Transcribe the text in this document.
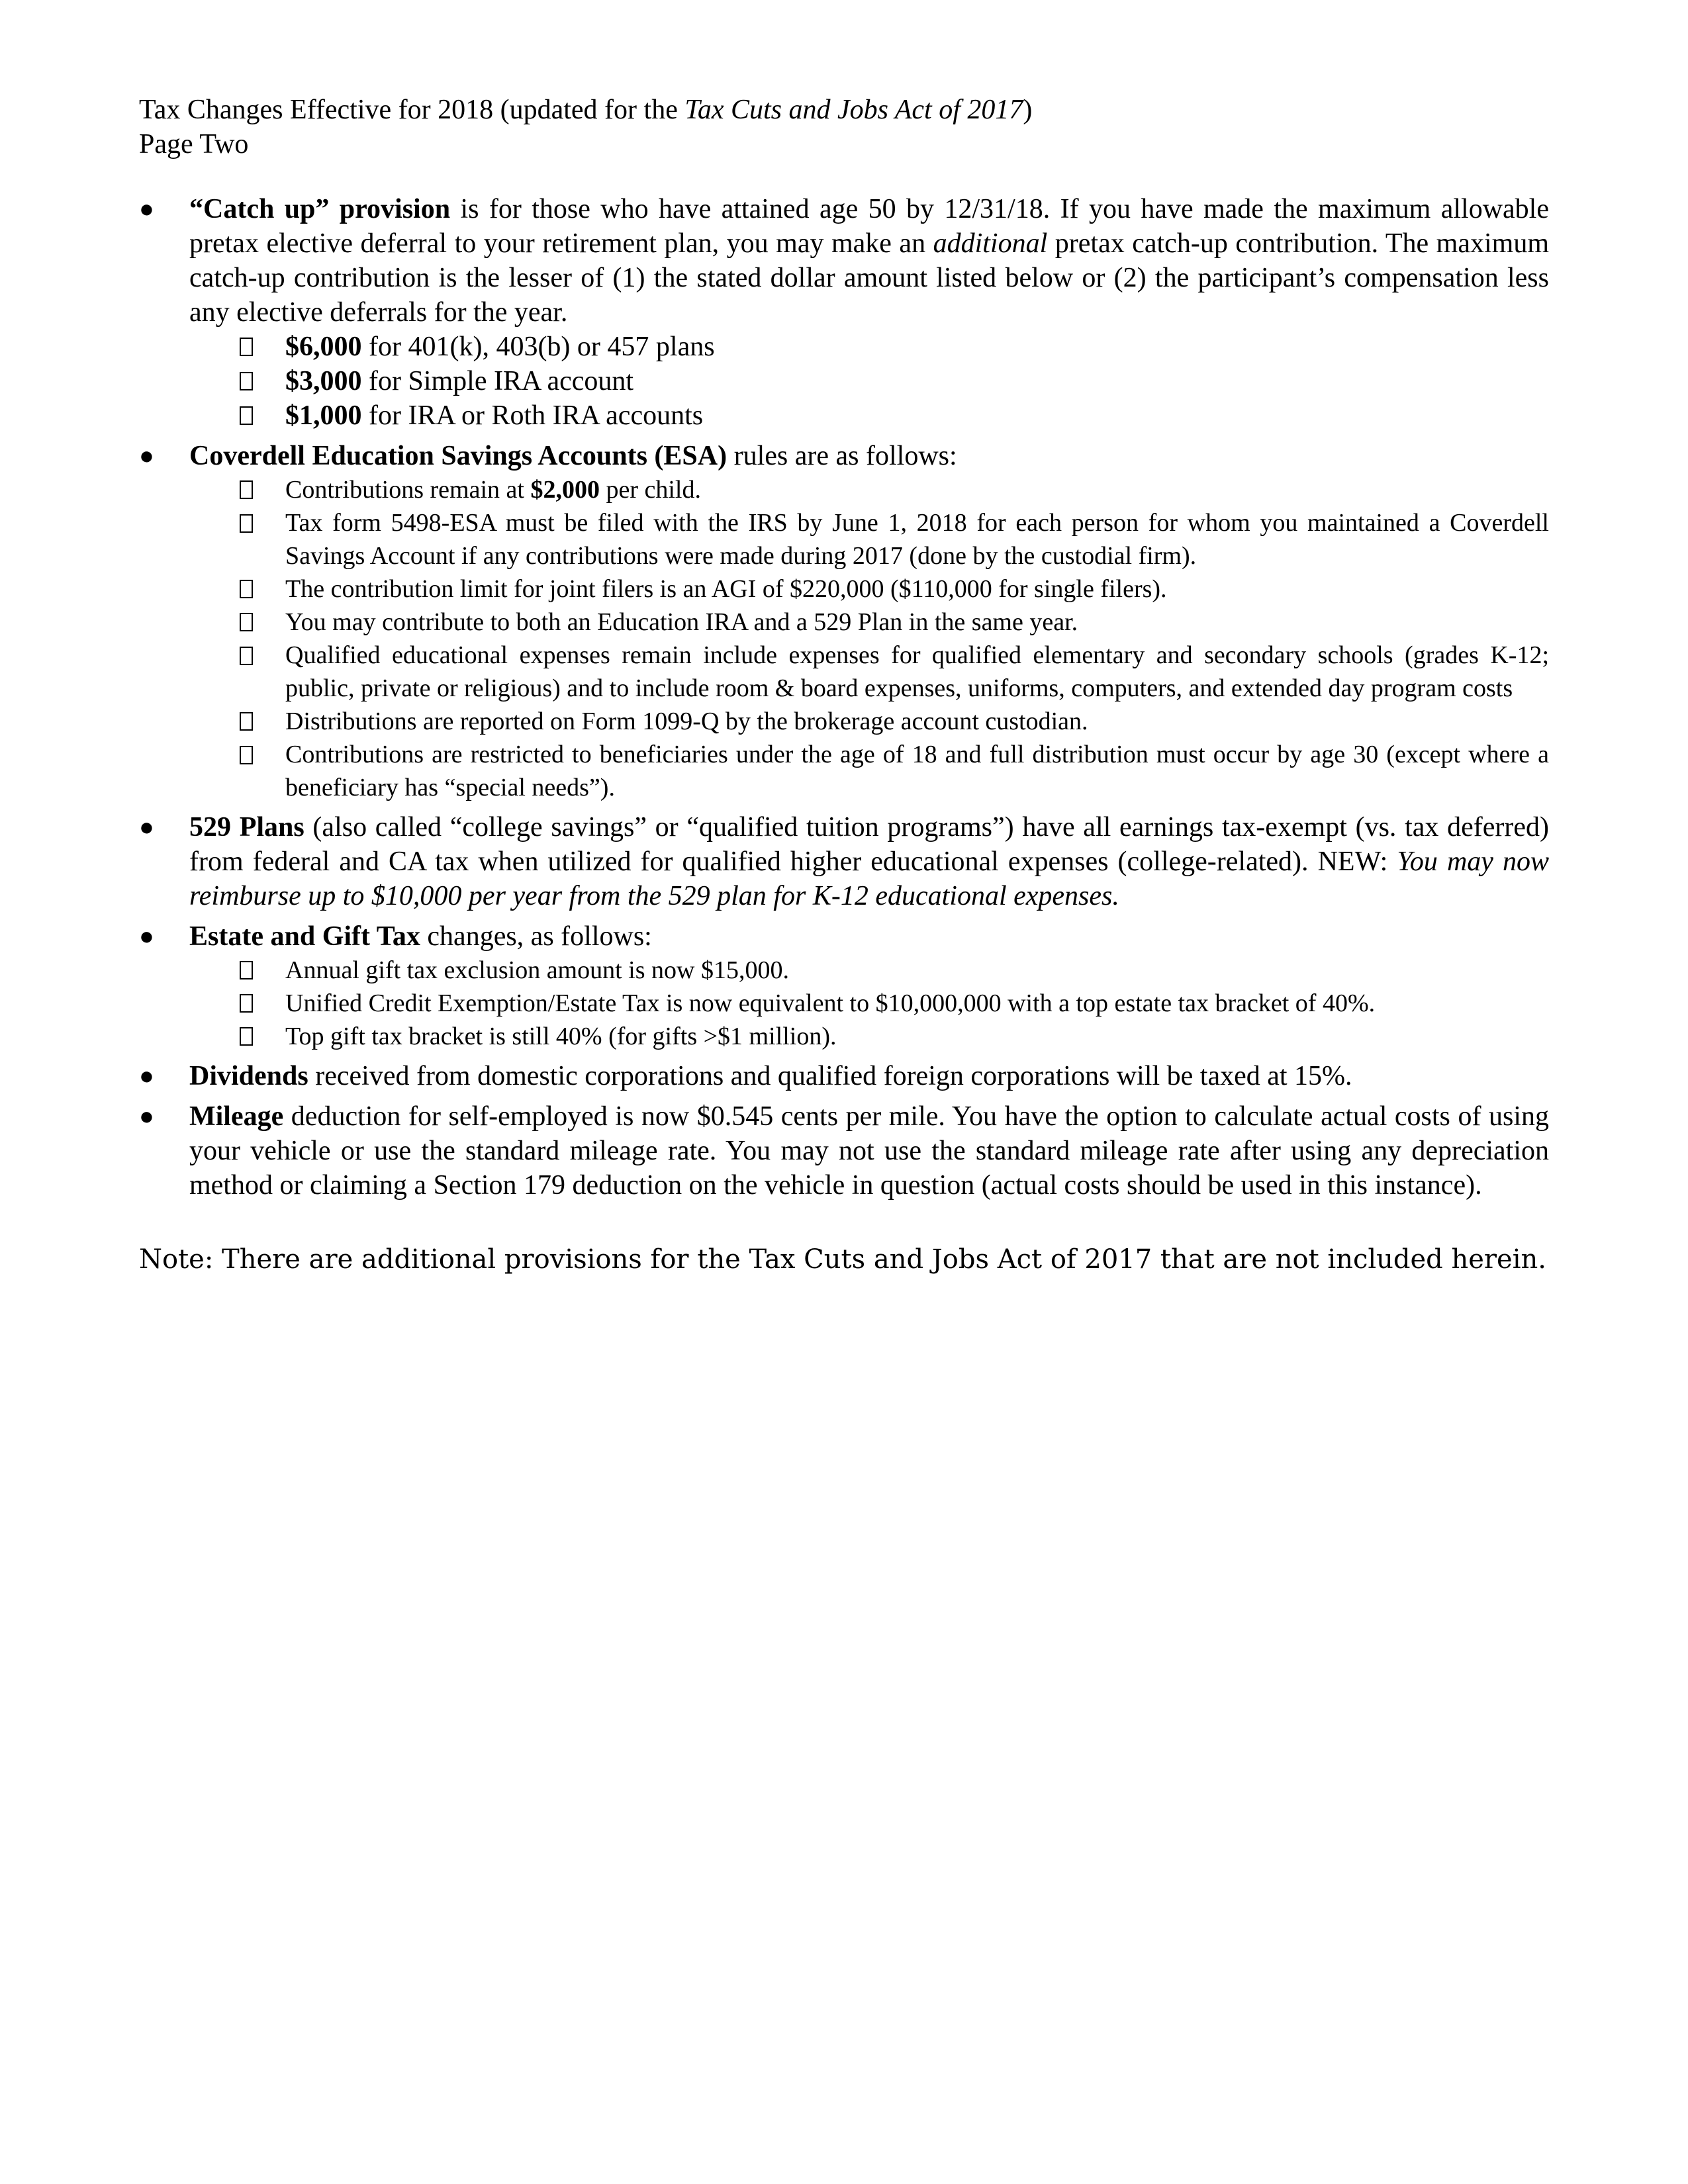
Tax Changes Effective for 2018 (updated for the Tax Cuts and Jobs Act of 2017)

Page Two

● “Catch up” provision is for those who have attained age 50 by 12/31/18. If you have made the maximum allowable pretax elective deferral to your retirement plan, you may make an additional pretax catch-up contribution. The maximum catch-up contribution is the lesser of (1) the stated dollar amount listed below or (2) the participant’s compensation less any elective deferrals for the year.
$6,000 for 401(k), 403(b) or 457 plans
$3,000 for Simple IRA account
$1,000 for IRA or Roth IRA accounts
● Coverdell Education Savings Accounts (ESA) rules are as follows:
Contributions remain at $2,000 per child.
Tax form 5498-ESA must be filed with the IRS by June 1, 2018 for each person for whom you maintained a Coverdell Savings Account if any contributions were made during 2017 (done by the custodial firm).
The contribution limit for joint filers is an AGI of $220,000 ($110,000 for single filers).
You may contribute to both an Education IRA and a 529 Plan in the same year.
Qualified educational expenses remain include expenses for qualified elementary and secondary schools (grades K-12; public, private or religious) and to include room & board expenses, uniforms, computers, and extended day program costs
Distributions are reported on Form 1099-Q by the brokerage account custodian.
Contributions are restricted to beneficiaries under the age of 18 and full distribution must occur by age 30 (except where a beneficiary has “special needs”).
● 529 Plans (also called “college savings” or “qualified tuition programs”) have all earnings tax-exempt (vs. tax deferred) from federal and CA tax when utilized for qualified higher educational expenses (college-related). NEW: You may now reimburse up to $10,000 per year from the 529 plan for K-12 educational expenses.
● Estate and Gift Tax changes, as follows:
Annual gift tax exclusion amount is now $15,000.
Unified Credit Exemption/Estate Tax is now equivalent to $10,000,000 with a top estate tax bracket of 40%.
Top gift tax bracket is still 40% (for gifts >$1 million).
● Dividends received from domestic corporations and qualified foreign corporations will be taxed at 15%.
● Mileage deduction for self-employed is now $0.545 cents per mile. You have the option to calculate actual costs of using your vehicle or use the standard mileage rate. You may not use the standard mileage rate after using any depreciation method or claiming a Section 179 deduction on the vehicle in question (actual costs should be used in this instance).

Note: There are additional provisions for the Tax Cuts and Jobs Act of 2017 that are not included herein.
